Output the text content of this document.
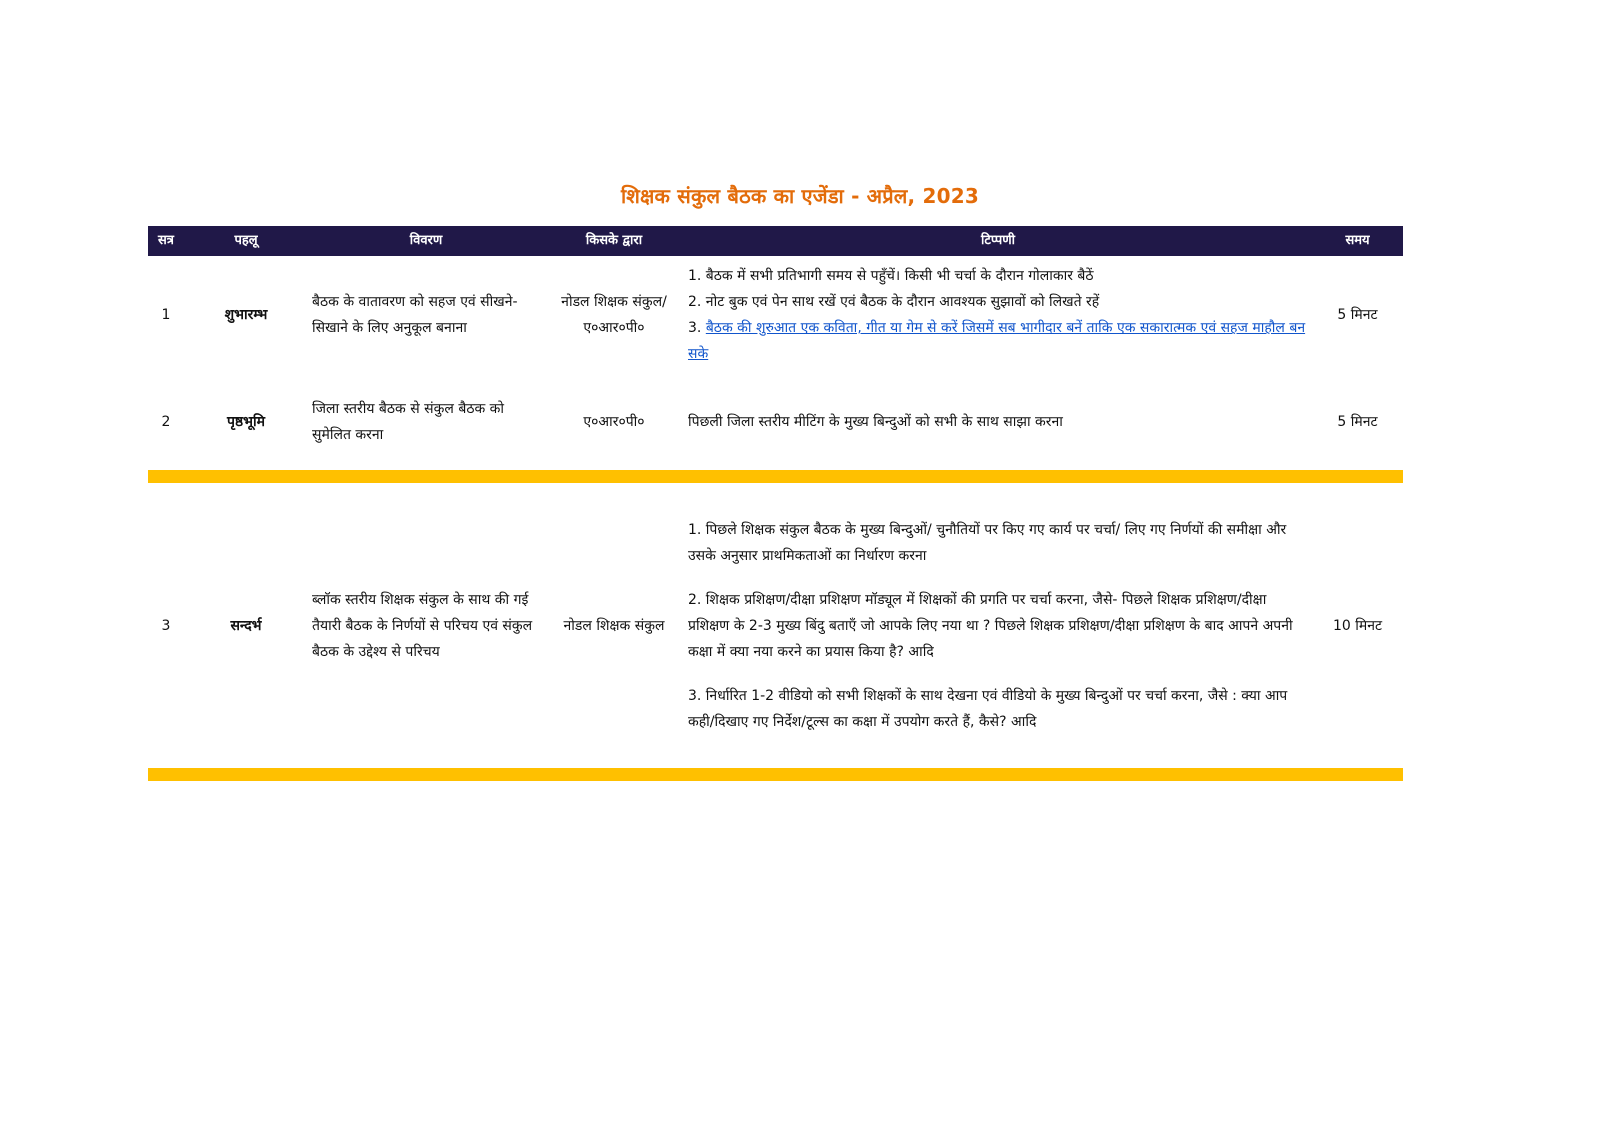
शिक्षक संकुल बैठक का एजेंडा - अप्रैल, 2023
सत्र	पहलू	विवरण	किसके द्वारा	टिप्पणी	समय
1	शुभारम्भ	बैठक के वातावरण को सहज एवं सीखने-सिखाने के लिए अनुकूल बनाना	नोडल शिक्षक संकुल/ ए०आर०पी०	1. बैठक में सभी प्रतिभागी समय से पहुँचें। किसी भी चर्चा के दौरान गोलाकार बैठें
2. नोट बुक एवं पेन साथ रखें एवं बैठक के दौरान आवश्यक सुझावों को लिखते रहें
3. बैठक की शुरुआत एक कविता, गीत या गेम से करें जिसमें सब भागीदार बनें ताकि एक सकारात्मक एवं सहज माहौल बन सके	5 मिनट
2	पृष्ठभूमि	जिला स्तरीय बैठक से संकुल बैठक को सुमेलित करना	ए०आर०पी०	पिछली जिला स्तरीय मीटिंग के मुख्य बिन्दुओं को सभी के साथ साझा करना	5 मिनट

3	सन्दर्भ	ब्लॉक स्तरीय शिक्षक संकुल के साथ की गई तैयारी बैठक के निर्णयों से परिचय एवं संकुल बैठक के उद्देश्य से परिचय	नोडल शिक्षक संकुल	1. पिछले शिक्षक संकुल बैठक के मुख्य बिन्दुओं/ चुनौतियों पर किए गए कार्य पर चर्चा/ लिए गए निर्णयों की समीक्षा और उसके अनुसार प्राथमिकताओं का निर्धारण करना
2. शिक्षक प्रशिक्षण/दीक्षा प्रशिक्षण मॉड्यूल में शिक्षकों की प्रगति पर चर्चा करना, जैसे- पिछले शिक्षक प्रशिक्षण/दीक्षा प्रशिक्षण के 2-3 मुख्य बिंदु बताएँ जो आपके लिए नया था ? पिछले शिक्षक प्रशिक्षण/दीक्षा प्रशिक्षण के बाद आपने अपनी कक्षा में क्या नया करने का प्रयास किया है? आदि
3. निर्धारित 1-2 वीडियो को सभी शिक्षकों के साथ देखना एवं वीडियो के मुख्य बिन्दुओं पर चर्चा करना, जैसे : क्या आप कही/दिखाए गए निर्देश/टूल्स का कक्षा में उपयोग करते हैं, कैसे? आदि	10 मिनट
